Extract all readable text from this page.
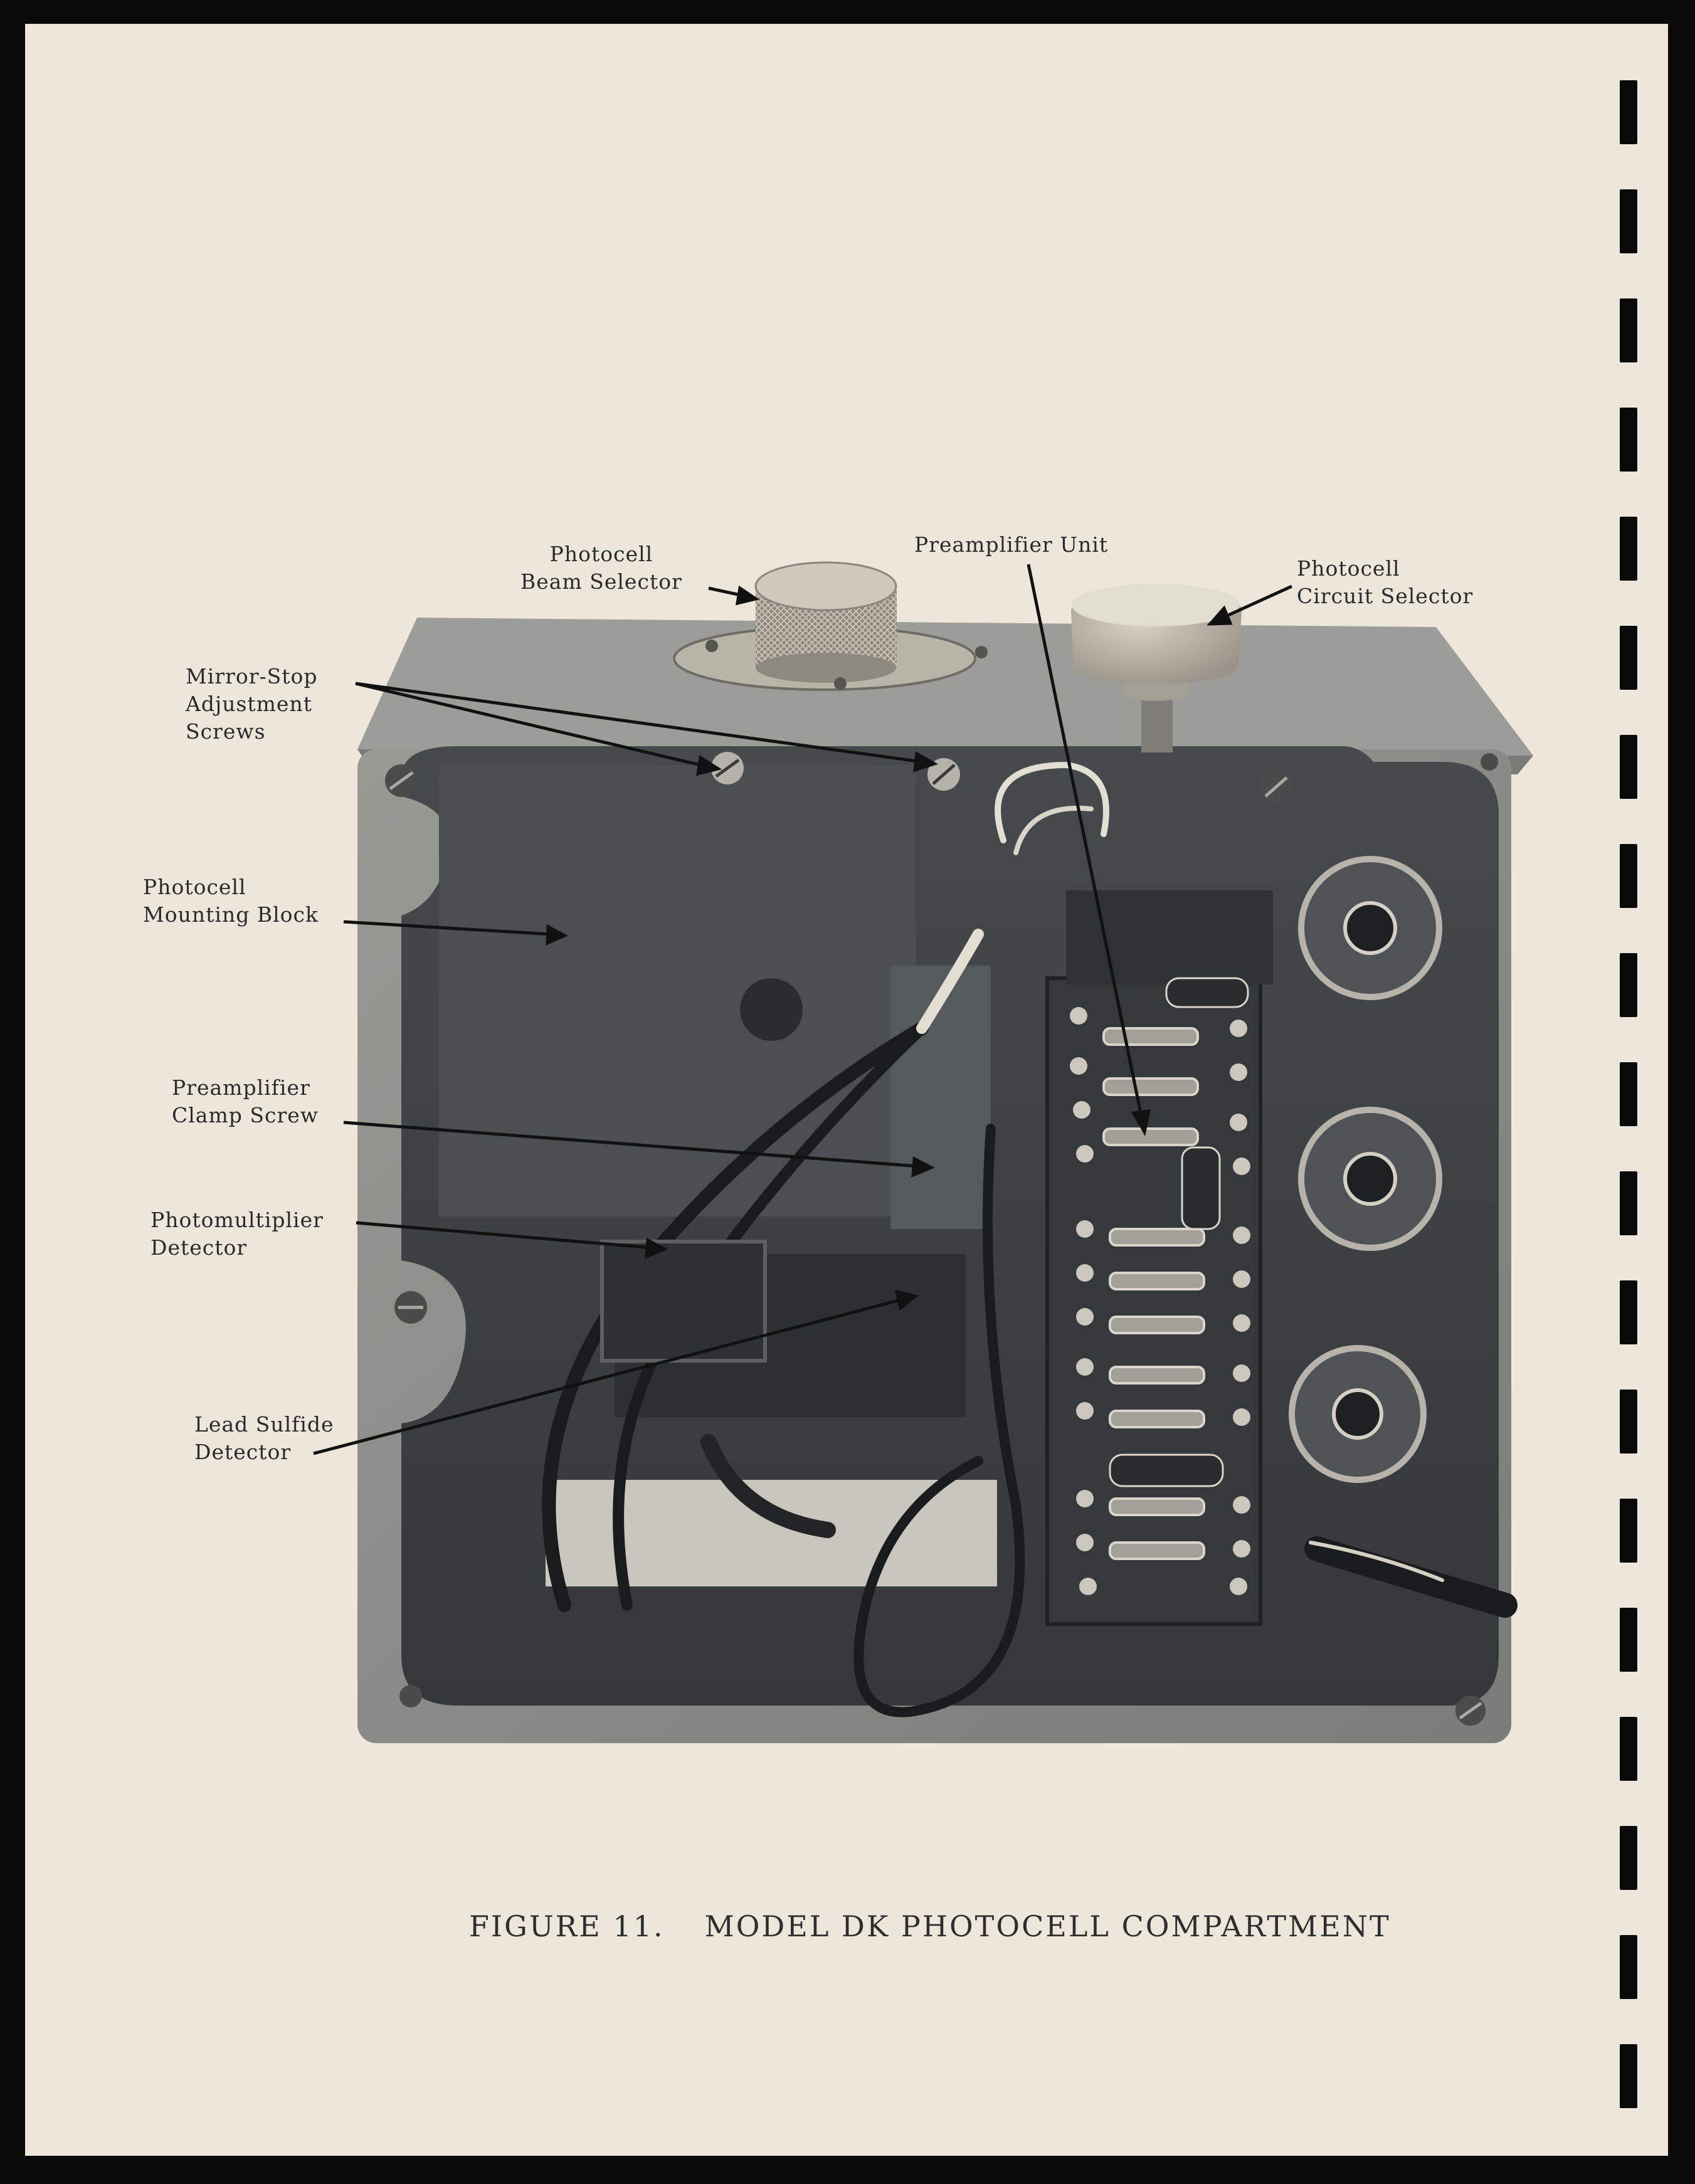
Photocell
Beam Selector
Preamplifier Unit
Photocell
Circuit Selector
Mirror-Stop
Adjustment
Screws
Photocell
Mounting Block
Preamplifier
Clamp Screw
Photomultiplier
Detector
Lead Sulfide
Detector
FIGURE 11. MODEL DK PHOTOCELL COMPARTMENT
